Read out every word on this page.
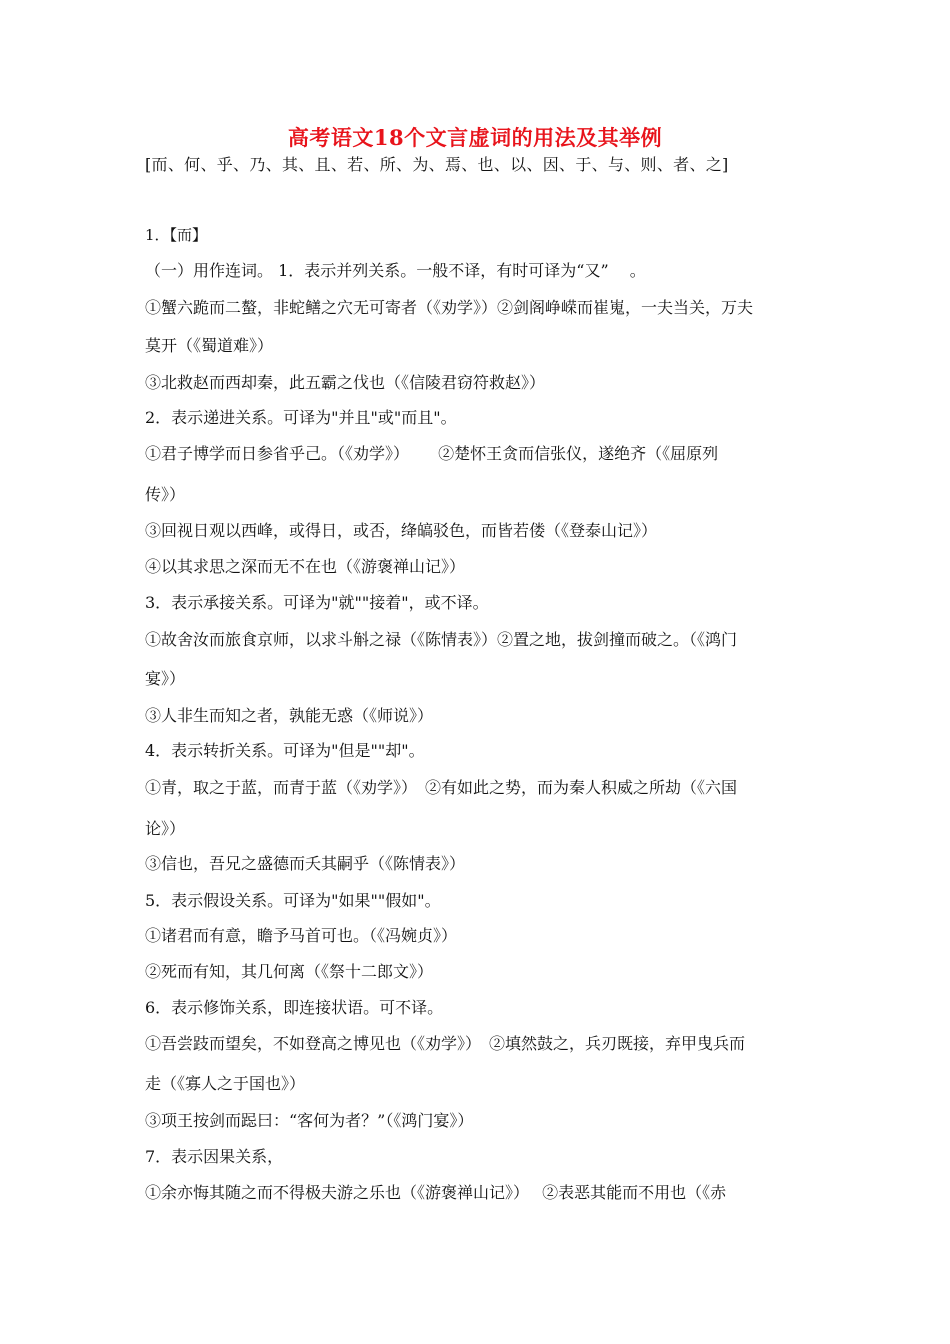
高考语文18个文言虚词的用法及其举例
[而、何、乎、乃、其、且、若、所、为、焉、也、以、因、于、与、则、者、之]
1．【而】
（一）用作连词。 1．表示并列关系。一般不译，有时可译为“又”　 。
①蟹六跪而二螯，非蛇鳝之穴无可寄者（《劝学》）②剑阁峥嵘而崔嵬，一夫当关，万夫
莫开（《蜀道难》）
③北救赵而西却秦，此五霸之伐也（《信陵君窃符救赵》）
2．表示递进关系。可译为"并且"或"而且"。
①君子博学而日参省乎己。（《劝学》）　　 ②楚怀王贪而信张仪，遂绝齐（《屈原列
传》）
③回视日观以西峰，或得日，或否，绛皜驳色，而皆若偻（《登泰山记》）
④以其求思之深而无不在也（《游褒禅山记》）
3．表示承接关系。可译为"就""接着"，或不译。
①故舍汝而旅食京师，以求斗斛之禄（《陈情表》）②置之地，拔剑撞而破之。（《鸿门
宴》）
③人非生而知之者，孰能无惑（《师说》）
4．表示转折关系。可译为"但是""却"。
①青，取之于蓝，而青于蓝（《劝学》）　②有如此之势，而为秦人积威之所劫（《六国
论》）
③信也，吾兄之盛德而夭其嗣乎（《陈情表》）
5．表示假设关系。可译为"如果""假如"。
①诸君而有意，瞻予马首可也。（《冯婉贞》）
②死而有知，其几何离（《祭十二郎文》）
6．表示修饰关系，即连接状语。可不译。
①吾尝跂而望矣，不如登高之博见也（《劝学》）　②填然鼓之，兵刃既接，弃甲曳兵而
走（《寡人之于国也》）
③项王按剑而跽曰：“客何为者？”（《鸿门宴》）
7．表示因果关系，
①余亦悔其随之而不得极夫游之乐也（《游褒禅山记》）　 ②表恶其能而不用也（《赤
